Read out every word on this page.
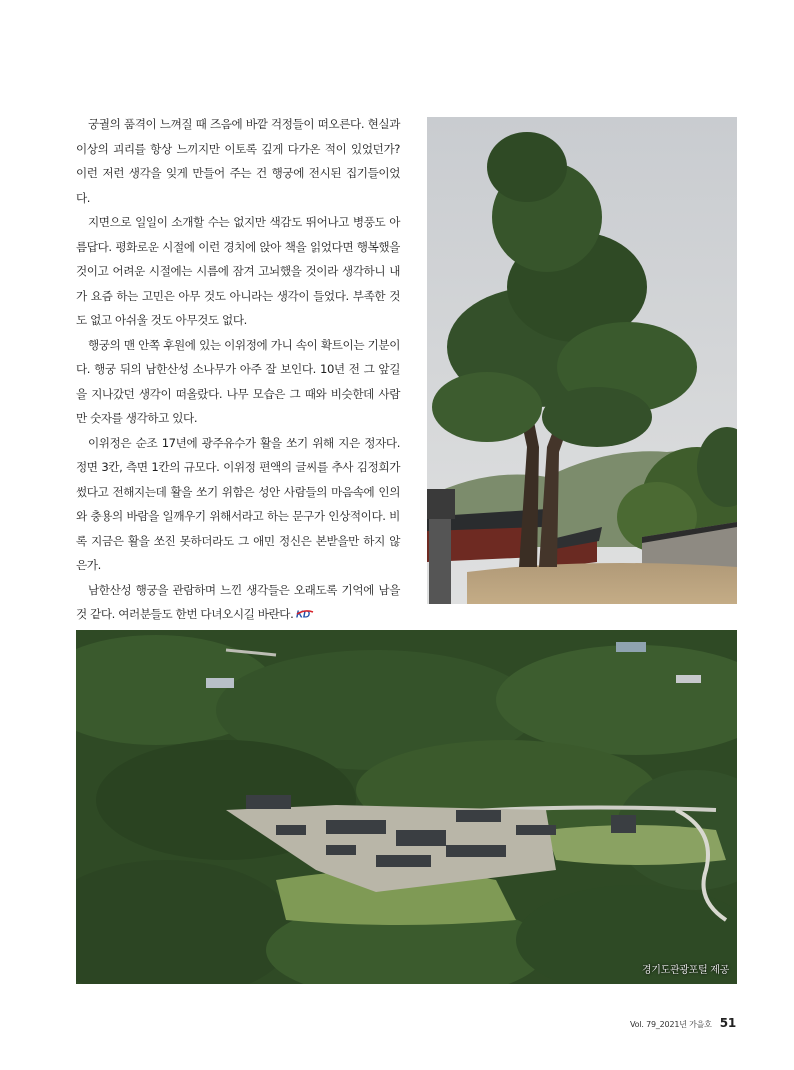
궁궐의 품격이 느껴질 때 즈음에 바깥 걱정들이 떠오른다. 현실과 이상의 괴리를 항상 느끼지만 이토록 깊게 다가온 적이 있었던가? 이런 저런 생각을 잊게 만들어 주는 건 행궁에 전시된 집기들이었다.

지면으로 일일이 소개할 수는 없지만 색감도 뛰어나고 병풍도 아름답다. 평화로운 시절에 이런 경치에 앉아 책을 읽었다면 행복했을 것이고 어려운 시절에는 시름에 잠겨 고뇌했을 것이라 생각하니 내가 요즘 하는 고민은 아무 것도 아니라는 생각이 들었다. 부족한 것도 없고 아쉬울 것도 아무것도 없다.

행궁의 맨 안쪽 후원에 있는 이위정에 가니 속이 확트이는 기분이다. 행궁 뒤의 남한산성 소나무가 아주 잘 보인다. 10년 전 그 앞길을 지나갔던 생각이 떠올랐다. 나무 모습은 그 때와 비슷한데 사람만 숫자를 생각하고 있다.

이위정은 순조 17년에 광주유수가 활을 쏘기 위해 지은 정자다. 정면 3칸, 측면 1칸의 규모다. 이위정 편액의 글씨를 추사 김정희가 썼다고 전해지는데 활을 쏘기 위함은 성안 사람들의 마음속에 인의와 충용의 바람을 일깨우기 위해서라고 하는 문구가 인상적이다. 비록 지금은 활을 쏘진 못하더라도 그 애민 정신은 본받을만 하지 않은가.

남한산성 행궁을 관람하며 느낀 생각들은 오래도록 기억에 남을 것 같다. 여러분들도 한번 다녀오시길 바란다. KD

경기도관광포털 제공
Vol. 79_2021년 가을호 51
